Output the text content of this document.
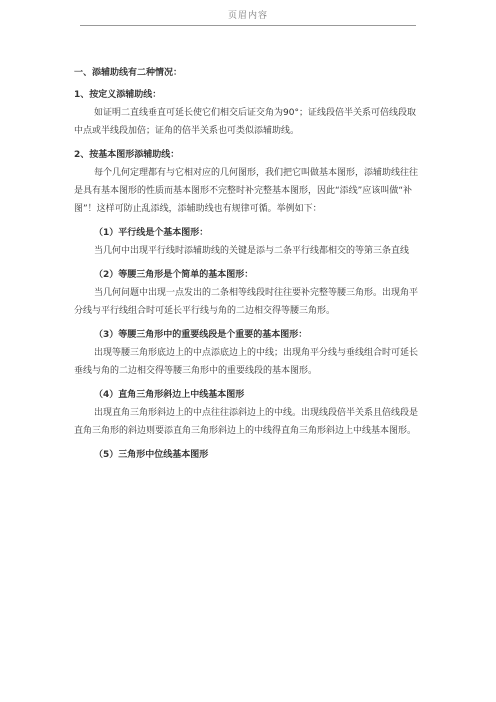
页眉内容

一、添辅助线有二种情况：

1、按定义添辅助线：

如证明二直线垂直可延长使它们相交后证交角为90°；证线段倍半关系可倍线段取中点或半线段加倍；证角的倍半关系也可类似添辅助线。

2、按基本图形添辅助线：

每个几何定理都有与它相对应的几何图形，我们把它叫做基本图形，添辅助线往往是具有基本图形的性质而基本图形不完整时补完整基本图形，因此“添线”应该叫做“补图”！这样可防止乱添线，添辅助线也有规律可循。举例如下：

（1）平行线是个基本图形：

当几何中出现平行线时添辅助线的关键是添与二条平行线都相交的等第三条直线

（2）等腰三角形是个简单的基本图形：

当几何问题中出现一点发出的二条相等线段时往往要补完整等腰三角形。出现角平分线与平行线组合时可延长平行线与角的二边相交得等腰三角形。

（3）等腰三角形中的重要线段是个重要的基本图形：

出现等腰三角形底边上的中点添底边上的中线；出现角平分线与垂线组合时可延长垂线与角的二边相交得等腰三角形中的重要线段的基本图形。

（4）直角三角形斜边上中线基本图形

出现直角三角形斜边上的中点往往添斜边上的中线。出现线段倍半关系且倍线段是直角三角形的斜边则要添直角三角形斜边上的中线得直角三角形斜边上中线基本图形。

（5）三角形中位线基本图形
